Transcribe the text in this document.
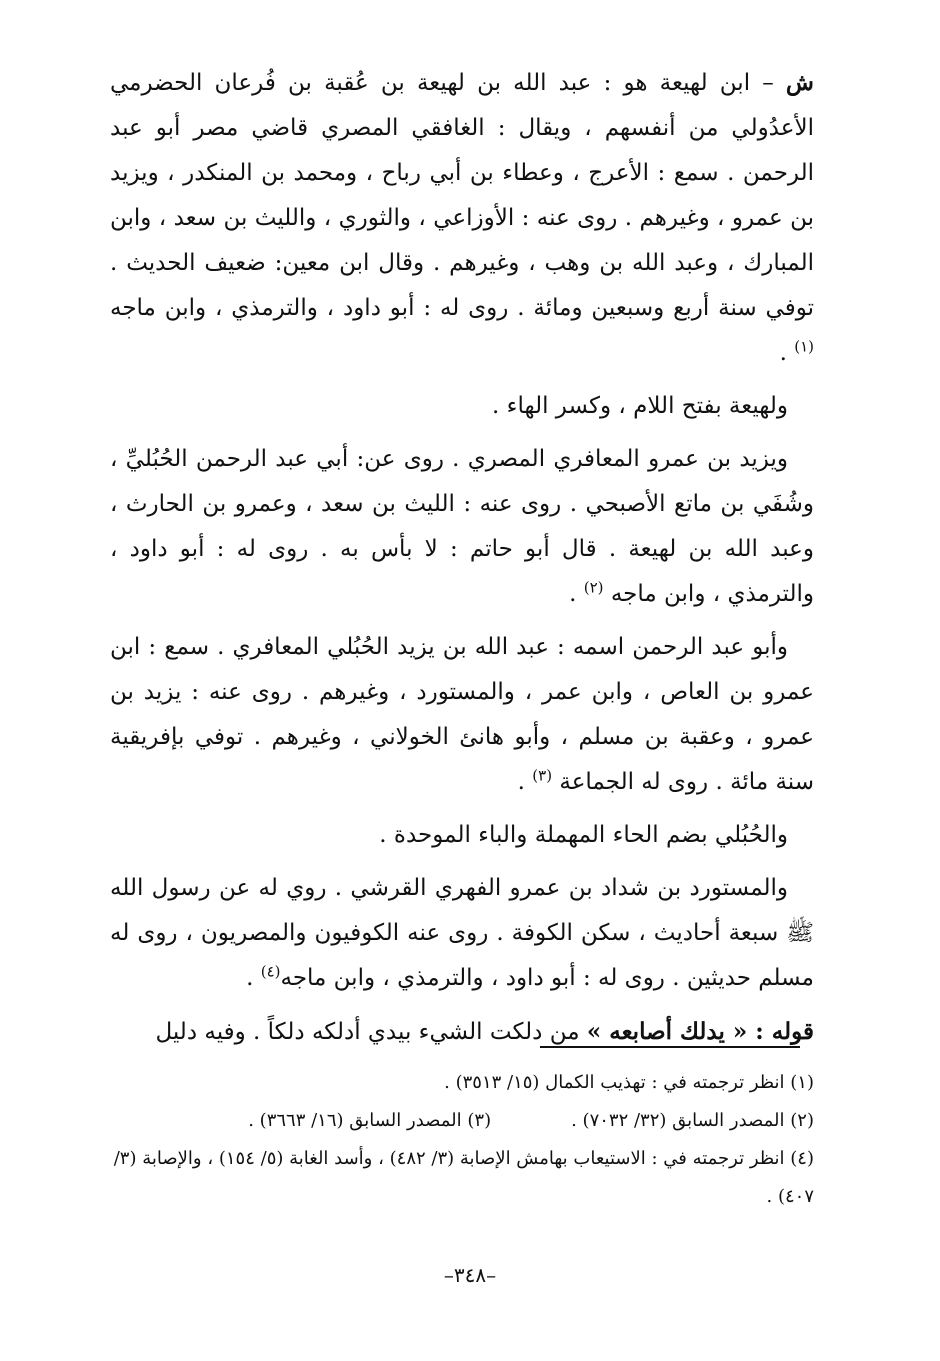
ش – ابن لهيعة هو : عبد الله بن لهيعة بن عُقبة بن فُرعان الحضرمي الأعدُولي من أنفسهم ، ويقال : الغافقي المصري قاضي مصر أبو عبد الرحمن . سمع : الأعرج ، وعطاء بن أبي رباح ، ومحمد بن المنكدر ، ويزيد بن عمرو ، وغيرهم . روى عنه : الأوزاعي ، والثوري ، والليث بن سعد ، وابن المبارك ، وعبد الله بن وهب ، وغيرهم . وقال ابن معين: ضعيف الحديث . توفي سنة أربع وسبعين ومائة . روى له : أبو داود ، والترمذي ، وابن ماجه $^{(١)}$ .

ولهيعة بفتح اللام ، وكسر الهاء .

ويزيد بن عمرو المعافري المصري . روى عن: أبي عبد الرحمن الحُبُليِّ ، وشُفَي بن ماتع الأصبحي . روى عنه : الليث بن سعد ، وعمرو بن الحارث ، وعبد الله بن لهيعة . قال أبو حاتم : لا بأس به . روى له : أبو داود ، والترمذي ، وابن ماجه $^{(٢)}$ .

وأبو عبد الرحمن اسمه : عبد الله بن يزيد الحُبُلي المعافري . سمع : ابن عمرو بن العاص ، وابن عمر ، والمستورد ، وغيرهم . روى عنه : يزيد بن عمرو ، وعقبة بن مسلم ، وأبو هانئ الخولاني ، وغيرهم . توفي بإفريقية سنة مائة . روى له الجماعة $^{(٣)}$ .

والحُبُلي بضم الحاء المهملة والباء الموحدة .

والمستورد بن شداد بن عمرو الفهري القرشي . روي له عن رسول الله ﷺ سبعة أحاديث ، سكن الكوفة . روى عنه الكوفيون والمصريون ، روى له مسلم حديثين . روى له : أبو داود ، والترمذي ، وابن ماجه$^{(٤)}$ .

قوله : « يدلك أصابعه » من دلكت الشيء بيدي أدلكه دلكاً . وفيه دليل

(١) انظر ترجمته في : تهذيب الكمال (١٥/ ٣٥١٣) .

(٢) المصدر السابق (٣٢/ ٧٠٣٢) .
(٣) المصدر السابق (١٦/ ٣٦٦٣) .

(٤) انظر ترجمته في : الاستيعاب بهامش الإصابة (٣/ ٤٨٢) ، وأسد الغابة (٥/ ١٥٤) ، والإصابة (٣/ ٤٠٧) .

–٣٤٨–
